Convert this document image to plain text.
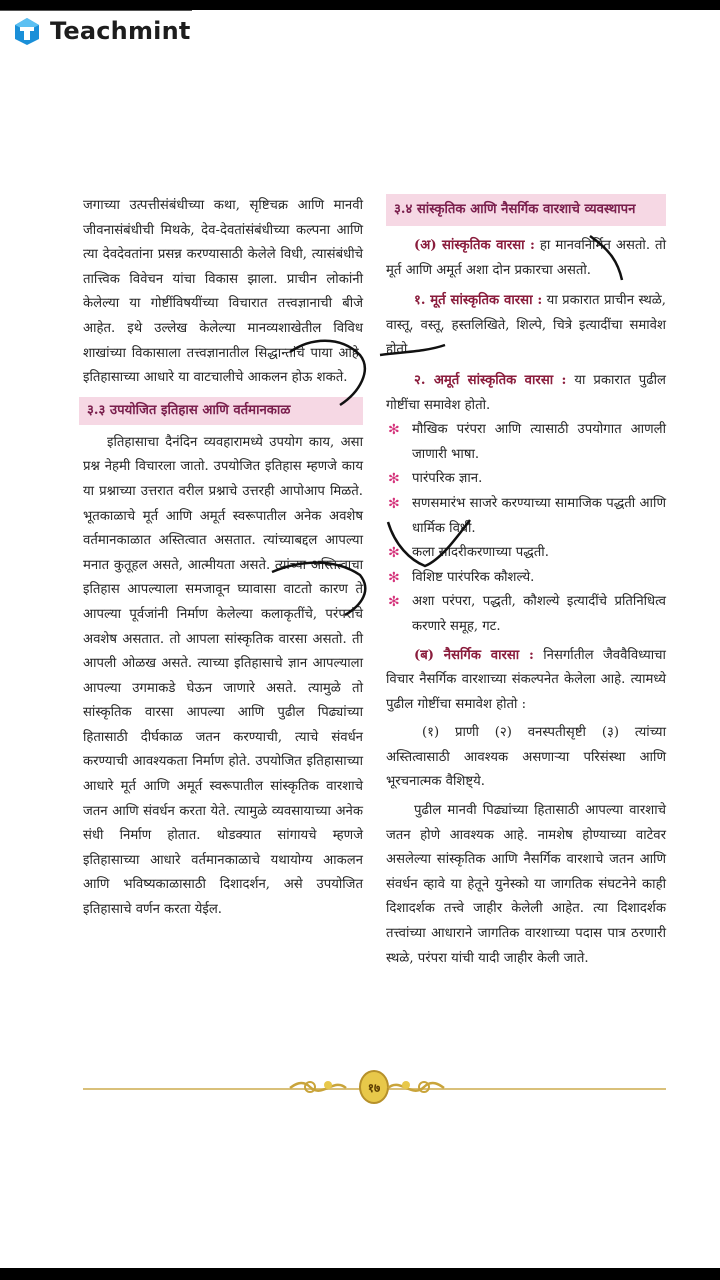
Teachmint

जगाच्या उत्पत्तीसंबंधीच्या कथा, सृष्टिचक्र आणि मानवी जीवनासंबंधीची मिथके, देव-देवतांसंबंधीच्या कल्पना आणि त्या देवदेवतांना प्रसन्न करण्यासाठी केलेले विधी, त्यासंबंधीचे तात्त्विक विवेचन यांचा विकास झाला. प्राचीन लोकांनी केलेल्या या गोष्टींविषयींच्या विचारात तत्त्वज्ञानाची बीजे आहेत. इथे उल्लेख केलेल्या मानव्यशाखेतील विविध शाखांच्या विकासाला तत्त्वज्ञानातील सिद्धान्तांचे पाया आहे. इतिहासाच्या आधारे या वाटचालीचे आकलन होऊ शकते.

३.३ उपयोजित इतिहास आणि वर्तमानकाळ

इतिहासाचा दैनंदिन व्यवहारामध्ये उपयोग काय, असा प्रश्न नेहमी विचारला जातो. उपयोजित इतिहास म्हणजे काय या प्रश्नाच्या उत्तरात वरील प्रश्नाचे उत्तरही आपोआप मिळते. भूतकाळाचे मूर्त आणि अमूर्त स्वरूपातील अनेक अवशेष वर्तमानकाळात अस्तित्वात असतात. त्यांच्याबद्दल आपल्या मनात कुतूहल असते, आत्मीयता असते. त्यांच्या अस्तित्वाचा इतिहास आपल्याला समजावून घ्यावासा वाटतो कारण ते आपल्या पूर्वजांनी निर्माण केलेल्या कलाकृतींचे, परंपरांचे अवशेष असतात. तो आपला सांस्कृतिक वारसा असतो. ती आपली ओळख असते. त्याच्या इतिहासाचे ज्ञान आपल्याला आपल्या उगमाकडे घेऊन जाणारे असते. त्यामुळे तो सांस्कृतिक वारसा आपल्या आणि पुढील पिढ्यांच्या हितासाठी दीर्घकाळ जतन करण्याची, त्याचे संवर्धन करण्याची आवश्यकता निर्माण होते. उपयोजित इतिहासाच्या आधारे मूर्त आणि अमूर्त स्वरूपातील सांस्कृतिक वारशाचे जतन आणि संवर्धन करता येते. त्यामुळे व्यवसायाच्या अनेक संधी निर्माण होतात. थोडक्यात सांगायचे म्हणजे इतिहासाच्या आधारे वर्तमानकाळाचे यथायोग्य आकलन आणि भविष्यकाळासाठी दिशादर्शन, असे उपयोजित इतिहासाचे वर्णन करता येईल.

३.४ सांस्कृतिक आणि नैसर्गिक वारशाचे व्यवस्थापन

(अ) सांस्कृतिक वारसा : हा मानवनिर्मित असतो. तो मूर्त आणि अमूर्त अशा दोन प्रकारचा असतो.

१. मूर्त सांस्कृतिक वारसा : या प्रकारात प्राचीन स्थळे, वास्तू, वस्तू, हस्तलिखिते, शिल्पे, चित्रे इत्यादींचा समावेश होतो.

२. अमूर्त सांस्कृतिक वारसा : या प्रकारात पुढील गोष्टींचा समावेश होतो.

✻ मौखिक परंपरा आणि त्यासाठी उपयोगात आणली जाणारी भाषा.
✻ पारंपरिक ज्ञान.
✻ सणसमारंभ साजरे करण्याच्या सामाजिक पद्धती आणि धार्मिक विधी.
✻ कला सादरीकरणाच्या पद्धती.
✻ विशिष्ट पारंपरिक कौशल्ये.
✻ अशा परंपरा, पद्धती, कौशल्ये इत्यादींचे प्रतिनिधित्व करणारे समूह, गट.

(ब) नैसर्गिक वारसा : निसर्गातील जैववैविध्याचा विचार नैसर्गिक वारशाच्या संकल्पनेत केलेला आहे. त्यामध्ये पुढील गोष्टींचा समावेश होतो :

(१) प्राणी (२) वनस्पतीसृष्टी (३) त्यांच्या अस्तित्वासाठी आवश्यक असणाऱ्या परिसंस्था आणि भूरचनात्मक वैशिष्ट्ये.

पुढील मानवी पिढ्यांच्या हितासाठी आपल्या वारशाचे जतन होणे आवश्यक आहे. नामशेष होण्याच्या वाटेवर असलेल्या सांस्कृतिक आणि नैसर्गिक वारशाचे जतन आणि संवर्धन व्हावे या हेतूने युनेस्को या जागतिक संघटनेने काही दिशादर्शक तत्त्वे जाहीर केलेली आहेत. त्या दिशादर्शक तत्त्वांच्या आधाराने जागतिक वारशाच्या पदास पात्र ठरणारी स्थळे, परंपरा यांची यादी जाहीर केली जाते.

१७
